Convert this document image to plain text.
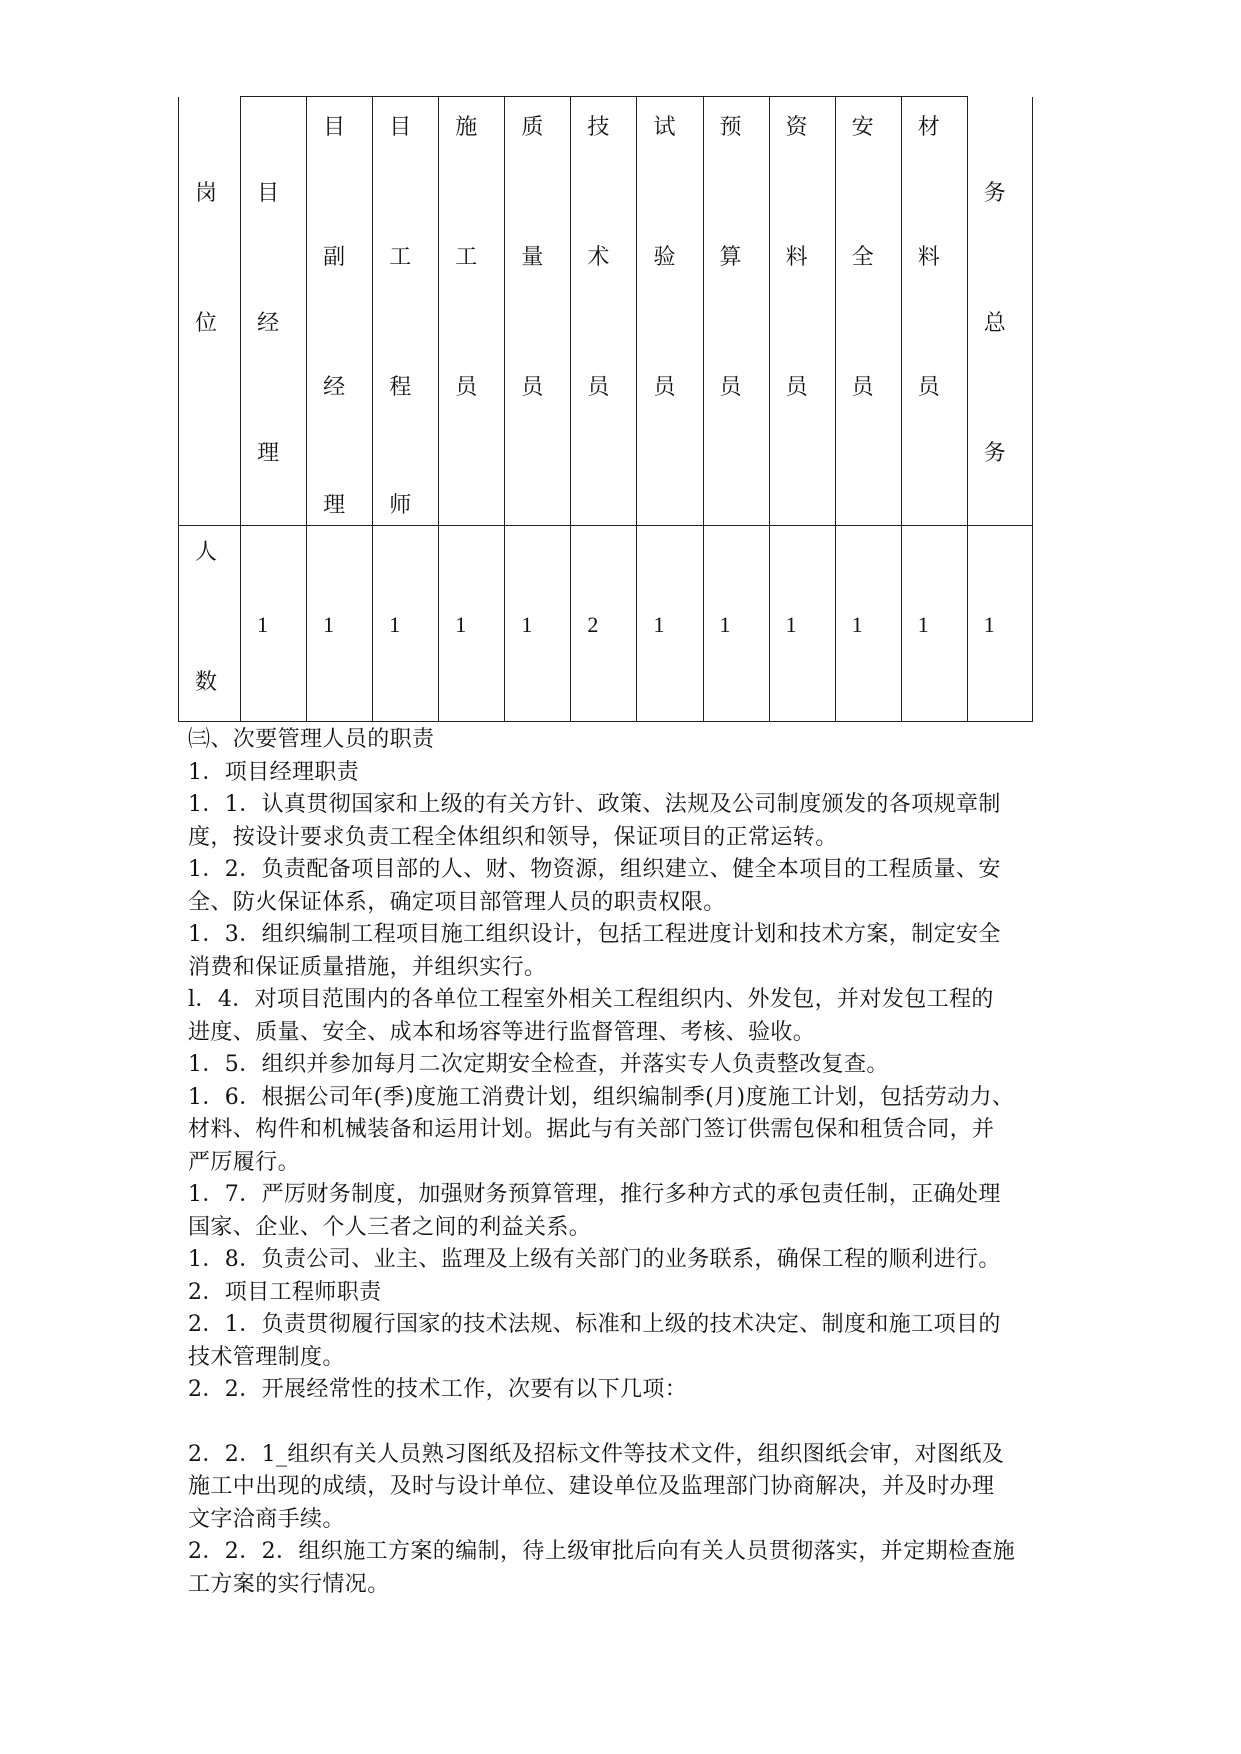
岗
位	目
经
理	目
副
经
理	目
工
程
师	施
工
员	质
量
员	技
术
员	试
验
员	预
算
员	资
料
员	安
全
员	材
料
员	务
总
务

人
数	1	1	1	1	1	2	1	1	1	1	1	1

㈢、次要管理人员的职责

1．项目经理职责

1．1．认真贯彻国家和上级的有关方针、政策、法规及公司制度颁发的各项规章制

度，按设计要求负责工程全体组织和领导，保证项目的正常运转。

1．2．负责配备项目部的人、财、物资源，组织建立、健全本项目的工程质量、安

全、防火保证体系，确定项目部管理人员的职责权限。

1．3．组织编制工程项目施工组织设计，包括工程进度计划和技术方案，制定安全

消费和保证质量措施，并组织实行。

l．4．对项目范围内的各单位工程室外相关工程组织内、外发包，并对发包工程的

进度、质量、安全、成本和场容等进行监督管理、考核、验收。

1．5．组织并参加每月二次定期安全检查，并落实专人负责整改复查。

1．6．根据公司年(季)度施工消费计划，组织编制季(月)度施工计划，包括劳动力、

材料、构件和机械装备和运用计划。据此与有关部门签订供需包保和租赁合同，并

严厉履行。

1．7．严厉财务制度，加强财务预算管理，推行多种方式的承包责任制，正确处理

国家、企业、个人三者之间的利益关系。

1．8．负责公司、业主、监理及上级有关部门的业务联系，确保工程的顺利进行。

2．项目工程师职责

2．1．负责贯彻履行国家的技术法规、标准和上级的技术决定、制度和施工项目的

技术管理制度。

2．2．开展经常性的技术工作，次要有以下几项：

2．2．1_组织有关人员熟习图纸及招标文件等技术文件，组织图纸会审，对图纸及

施工中出现的成绩，及时与设计单位、建设单位及监理部门协商解决，并及时办理

文字洽商手续。

2．2．2．组织施工方案的编制，待上级审批后向有关人员贯彻落实，并定期检查施

工方案的实行情况。
